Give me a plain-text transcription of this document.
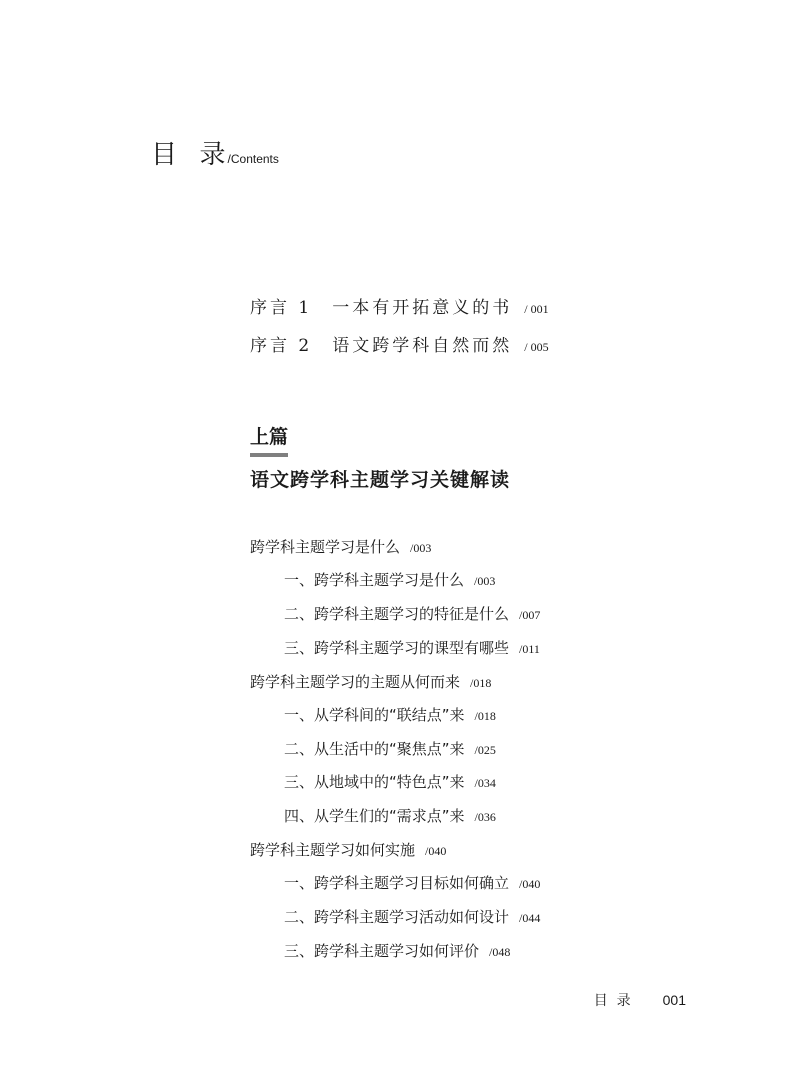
目  录/Contents
序言 1 一本有开拓意义的书 / 001
序言 2 语文跨学科自然而然 / 005
上篇
语文跨学科主题学习关键解读
跨学科主题学习是什么 /003
一、跨学科主题学习是什么 /003
二、跨学科主题学习的特征是什么 /007
三、跨学科主题学习的课型有哪些 /011
跨学科主题学习的主题从何而来 /018
一、从学科间的“联结点”来 /018
二、从生活中的“聚焦点”来 /025
三、从地域中的“特色点”来 /034
四、从学生们的“需求点”来 /036
跨学科主题学习如何实施 /040
一、跨学科主题学习目标如何确立 /040
二、跨学科主题学习活动如何设计 /044
三、跨学科主题学习如何评价 /048
目  录 001
